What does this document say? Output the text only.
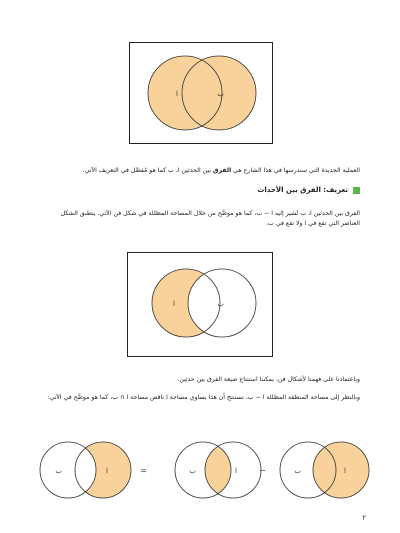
ا	ب
العملية الجديدة التي سندرسها في هذا الشارح هي الفرق بين الحدثين ا، ب كما هو مُفصَّل في التعريف الآتي.
تعريف: الفرق بين الأحداث
الفرق بين الحدثين ا، ب تُشير إليه ا − ب، كما هو موضَّح من خلال المساحة المظللة في شكل فن الآتي. ينطبق الشكل العناصر التي تقع في ا ولا تقع في ب.
ا	ب
وباعتمادنا على فهمنا لأشكال فن، يمكننا استنتاج صيغة الفرق بين حدثين.
وبالنظر إلى مساحة المنطقة المظللة ا − ب، نستنتج أن هذا يساوي مساحة ا ناقص مساحة ا ∩ ب، كما هو موضَّح في الآتي:
ب	ا	=	ب	ا	−	ب	ا
٢
